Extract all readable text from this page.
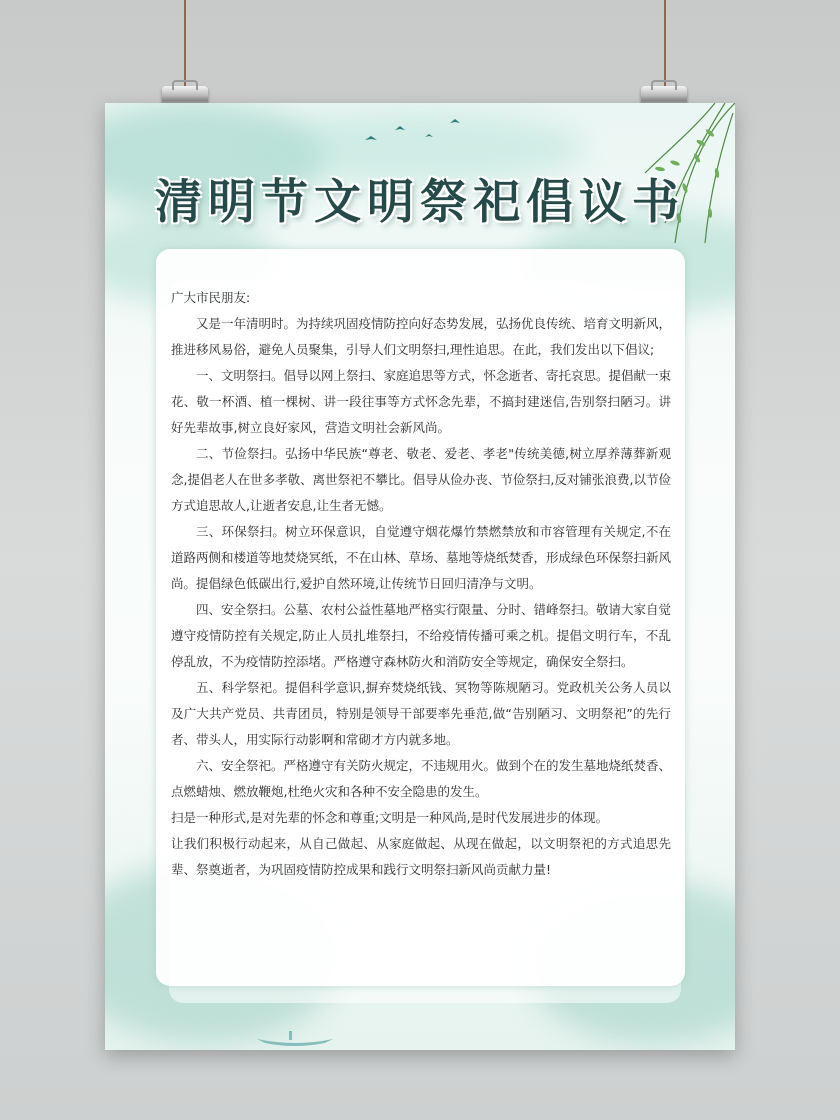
清明节文明祭祀倡议书

广大市民朋友:

又是一年清明时。为持续巩固疫情防控向好态势发展，弘扬优良传统、培育文明新风，推进移风易俗，避免人员聚集，引导人们文明祭扫,理性追思。在此，我们发出以下倡议;

一、文明祭扫。倡导以网上祭扫、家庭追思等方式，怀念逝者、寄托哀思。提倡献一束花、敬一杯酒、植一棵树、讲一段往事等方式怀念先辈，不搞封建迷信,告别祭扫陋习。讲好先辈故事,树立良好家风，营造文明社会新风尚。

二、节俭祭扫。弘扬中华民族“尊老、敬老、爱老、孝老"传统美德,树立厚养薄葬新观念,提倡老人在世多孝敬、离世祭祀不攀比。倡导从俭办丧、节俭祭扫,反对铺张浪费,以节俭方式追思故人,让逝者安息,让生者无憾。

三、环保祭扫。树立环保意识，自觉遵守烟花爆竹禁燃禁放和市容管理有关规定,不在道路两侧和楼道等地焚烧冥纸，不在山林、草场、墓地等烧纸焚香，形成绿色环保祭扫新风尚。提倡绿色低碳出行,爱护自然环境,让传统节日回归清净与文明。

四、安全祭扫。公墓、农村公益性墓地严格实行限量、分时、错峰祭扫。敬请大家自觉遵守疫情防控有关规定,防止人员扎堆祭扫，不给疫情传播可乘之机。提倡文明行车，不乱停乱放，不为疫情防控添堵。严格遵守森林防火和消防安全等规定，确保安全祭扫。

五、科学祭祀。提倡科学意识,摒弃焚烧纸钱、冥物等陈规陋习。党政机关公务人员以及广大共产党员、共青团员，特别是领导干部要率先垂范,做“告别陋习、文明祭祀”的先行者、带头人，用实际行动影啊和常砌才方内就多地。

六、安全祭祀。严格遵守有关防火规定，不违规用火。做到个在的发生墓地烧纸焚香、点燃蜡烛、燃放鞭炮,杜绝火灾和各种不安全隐患的发生。

扫是一种形式,是对先辈的怀念和尊重;文明是一种风尚,是时代发展进步的体现。

让我们积极行动起来，从自己做起、从家庭做起、从现在做起，以文明祭祀的方式追思先辈、祭奠逝者，为巩固疫情防控成果和践行文明祭扫新风尚贡献力量!
